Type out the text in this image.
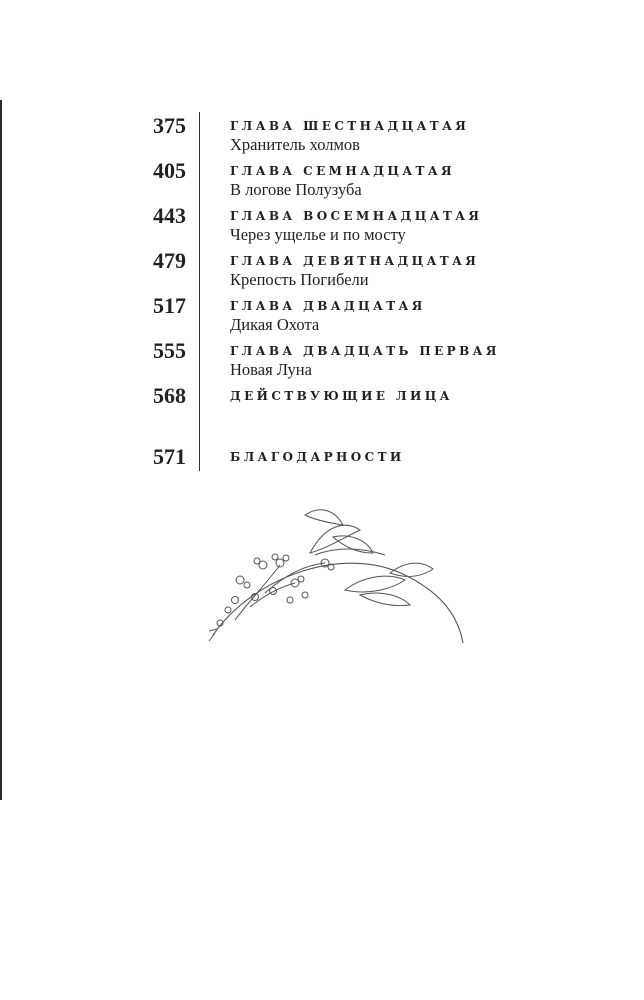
375	ГЛАВА ШЕСТНАДЦАТАЯ
Хранитель холмов
405	ГЛАВА СЕМНАДЦАТАЯ
В логове Полузуба
443	ГЛАВА ВОСЕМНАДЦАТАЯ
Через ущелье и по мосту
479	ГЛАВА ДЕВЯТНАДЦАТАЯ
Крепость Погибели
517	ГЛАВА ДВАДЦАТАЯ
Дикая Охота
555	ГЛАВА ДВАДЦАТЬ ПЕРВАЯ
Новая Луна
568	ДЕЙСТВУЮЩИЕ ЛИЦА
571	БЛАГОДАРНОСТИ
